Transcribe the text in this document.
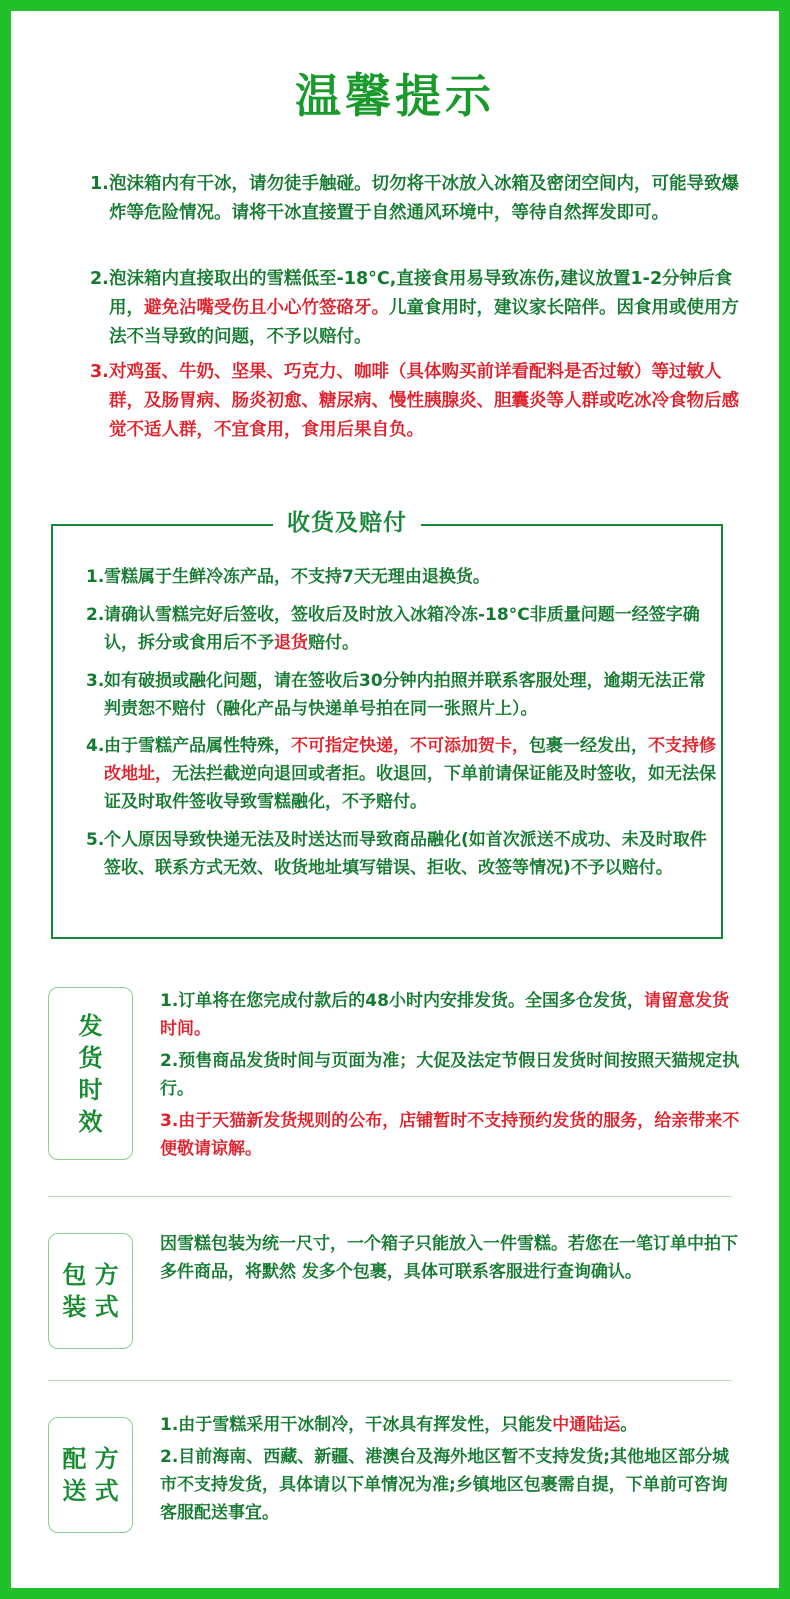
温馨提示
1. 泡沫箱内有干冰，请勿徒手触碰。切勿将干冰放入冰箱及密闭空间内，可能导致爆炸等危险情况。请将干冰直接置于自然通风环境中，等待自然挥发即可。
2. 泡沫箱内直接取出的雪糕低至-18°C,直接食用易导致冻伤,建议放置1-2分钟后食用，避免沾嘴受伤且小心竹签硌牙。儿童食用时，建议家长陪伴。因食用或使用方法不当导致的问题，不予以赔付。
3. 对鸡蛋、牛奶、坚果、巧克力、咖啡（具体购买前详看配料是否过敏）等过敏人群，及肠胃病、肠炎初愈、糖尿病、慢性胰腺炎、胆囊炎等人群或吃冰冷食物后感觉不适人群，不宜食用，食用后果自负。
收货及赔付
1. 雪糕属于生鲜冷冻产品，不支持7天无理由退换货。
2. 请确认雪糕完好后签收，签收后及时放入冰箱冷冻-18°C非质量问题一经签字确认，拆分或食用后不予退货赔付。
3. 如有破损或融化问题，请在签收后30分钟内拍照并联系客服处理，逾期无法正常判责恕不赔付（融化产品与快递单号拍在同一张照片上）。
4. 由于雪糕产品属性特殊，不可指定快递，不可添加贺卡，包裹一经发出，不支持修改地址，无法拦截逆向退回或者拒。收退回，下单前请保证能及时签收，如无法保证及时取件签收导致雪糕融化，不予赔付。
5. 个人原因导致快递无法及时送达而导致商品融化(如首次派送不成功、未及时取件签收、联系方式无效、收货地址填写错误、拒收、改签等情况)不予以赔付。
发
货
时
效
1.订单将在您完成付款后的48小时内安排发货。全国多仓发货，请留意发货时间。
2.预售商品发货时间与页面为准；大促及法定节假日发货时间按照天猫规定执行。
3.由于天猫新发货规则的公布，店铺暂时不支持预约发货的服务，给亲带来不便敬请谅解。
包 方
装 式
因雪糕包装为统一尺寸，一个箱子只能放入一件雪糕。若您在一笔订单中拍下多件商品，将默然 发多个包裹，具体可联系客服进行查询确认。
配 方
送 式
1.由于雪糕采用干冰制冷，干冰具有挥发性，只能发中通陆运。
2.目前海南、西藏、新疆、港澳台及海外地区暂不支持发货;其他地区部分城市不支持发货，具体请以下单情况为准;乡镇地区包裹需自提，下单前可咨询客服配送事宜。
